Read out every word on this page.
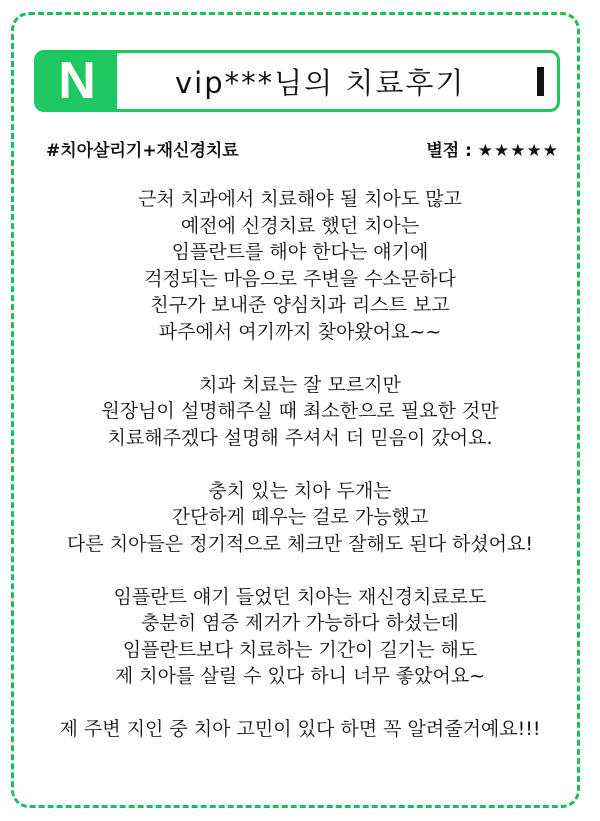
N	vip***님의 치료후기
#치아살리기+재신경치료	별점 : ★★★★★

근처 치과에서 치료해야 될 치아도 많고
예전에 신경치료 했던 치아는
임플란트를 해야 한다는 얘기에
걱정되는 마음으로 주변을 수소문하다
친구가 보내준 양심치과 리스트 보고
파주에서 여기까지 찾아왔어요~~

치과 치료는 잘 모르지만
원장님이 설명해주실 때 최소한으로 필요한 것만
치료해주겠다 설명해 주셔서 더 믿음이 갔어요.

충치 있는 치아 두개는
간단하게 떼우는 걸로 가능했고
다른 치아들은 정기적으로 체크만 잘해도 된다 하셨어요!

임플란트 얘기 들었던 치아는 재신경치료로도
충분히 염증 제거가 가능하다 하셨는데
임플란트보다 치료하는 기간이 길기는 해도
제 치아를 살릴 수 있다 하니 너무 좋았어요~

제 주변 지인 중 치아 고민이 있다 하면 꼭 알려줄거예요!!!
